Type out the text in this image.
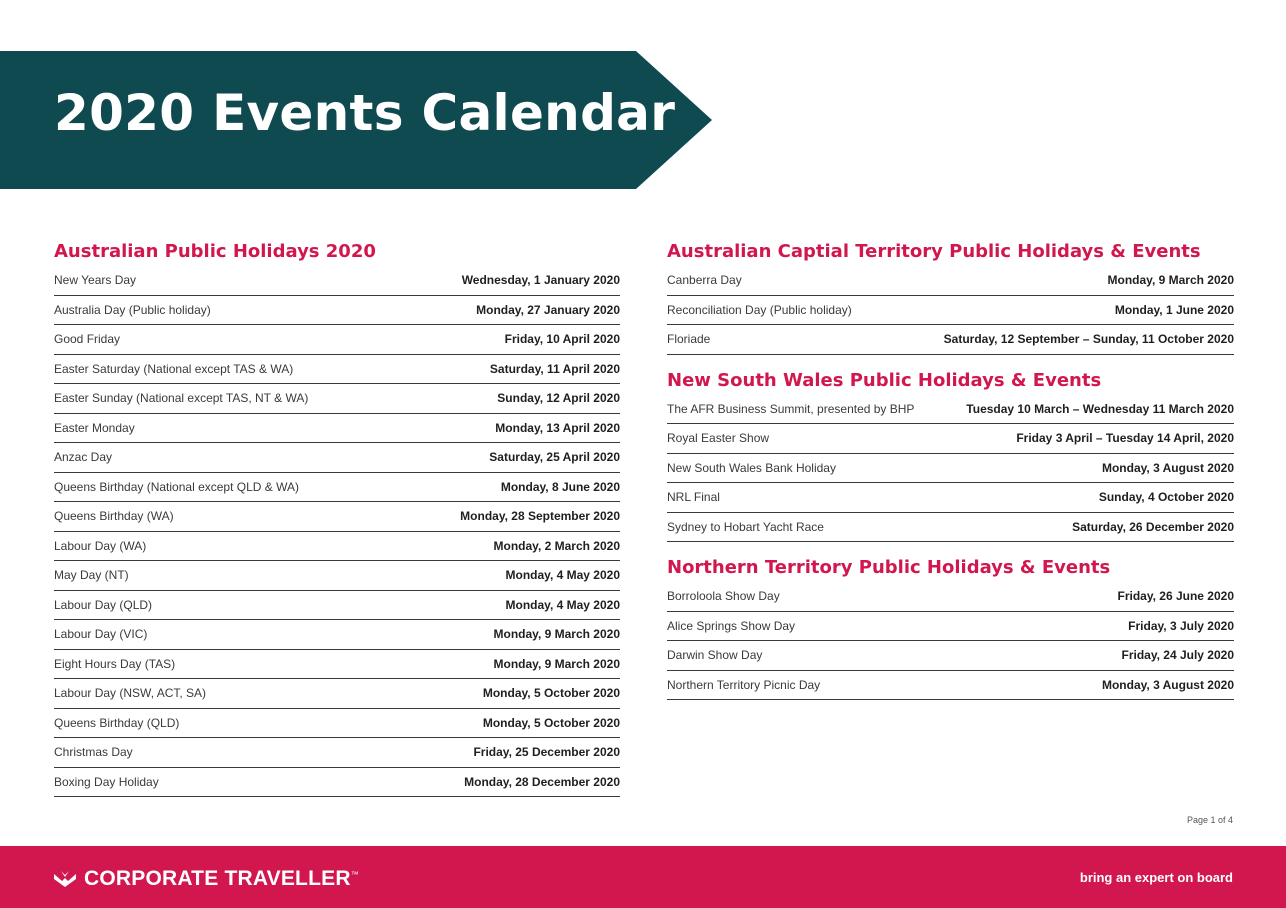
2020 Events Calendar
Australian Public Holidays 2020
New Years Day	Wednesday, 1 January 2020
Australia Day (Public holiday)	Monday, 27 January 2020
Good Friday	Friday, 10 April 2020
Easter Saturday (National except TAS & WA)	Saturday, 11 April 2020
Easter Sunday (National except TAS, NT & WA)	Sunday, 12 April 2020
Easter Monday	Monday, 13 April 2020
Anzac Day	Saturday, 25 April 2020
Queens Birthday (National except QLD & WA)	Monday, 8 June 2020
Queens Birthday (WA)	Monday, 28 September 2020
Labour Day (WA)	Monday, 2 March 2020
May Day (NT)	Monday, 4 May 2020
Labour Day (QLD)	Monday, 4 May 2020
Labour Day (VIC)	Monday, 9 March 2020
Eight Hours Day (TAS)	Monday, 9 March 2020
Labour Day (NSW, ACT, SA)	Monday, 5 October 2020
Queens Birthday (QLD)	Monday, 5 October 2020
Christmas Day	Friday, 25 December 2020
Boxing Day Holiday	Monday, 28 December 2020
Australian Captial Territory Public Holidays & Events
Canberra Day	Monday, 9 March 2020
Reconciliation Day (Public holiday)	Monday, 1 June 2020
Floriade	Saturday, 12 September – Sunday, 11 October 2020
New South Wales Public Holidays & Events
The AFR Business Summit, presented by BHP	Tuesday 10 March – Wednesday 11 March 2020
Royal Easter Show	Friday 3 April – Tuesday 14 April, 2020
New South Wales Bank Holiday	Monday, 3 August 2020
NRL Final	Sunday, 4 October 2020
Sydney to Hobart Yacht Race	Saturday, 26 December 2020
Northern Territory Public Holidays & Events
Borroloola Show Day	Friday, 26 June 2020
Alice Springs Show Day	Friday, 3 July 2020
Darwin Show Day	Friday, 24 July 2020
Northern Territory Picnic Day	Monday, 3 August 2020
Page 1 of 4
CORPORATE TRAVELLER™	bring an expert on board
